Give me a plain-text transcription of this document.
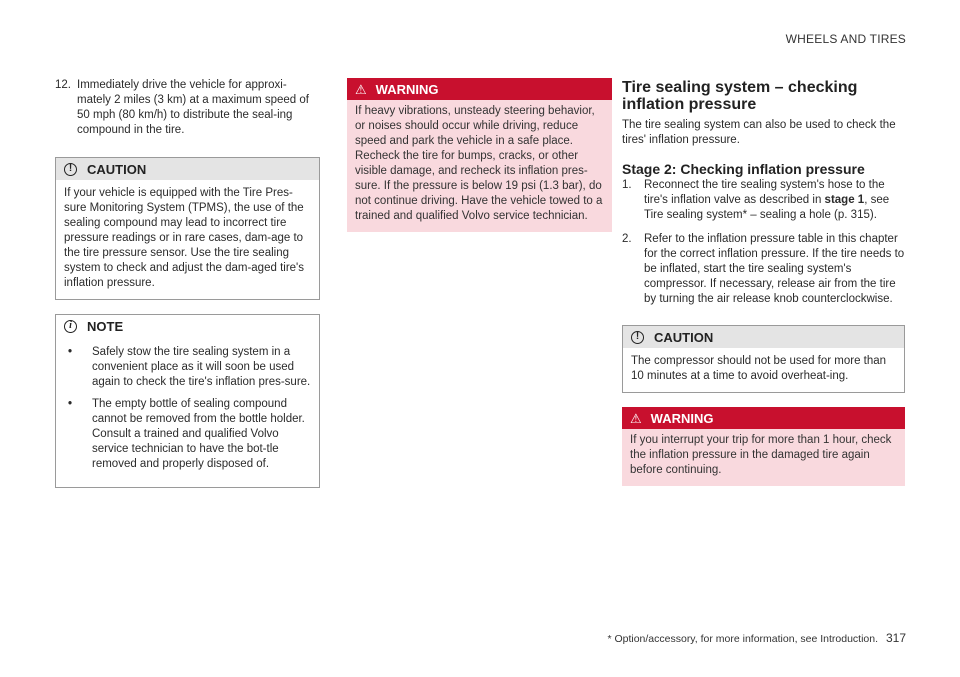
WHEELS AND TIRES
12. Immediately drive the vehicle for approxi-mately 2 miles (3 km) at a maximum speed of 50 mph (80 km/h) to distribute the seal-ing compound in the tire.
!	CAUTION

If your vehicle is equipped with the Tire Pres-sure Monitoring System (TPMS), the use of the sealing compound may lead to incorrect tire pressure readings or in rare cases, dam-age to the tire pressure sensor. Use the tire sealing system to check and adjust the dam-aged tire's inflation pressure.

i	NOTE
•	Safely stow the tire sealing system in a convenient place as it will soon be used again to check the tire's inflation pres-sure.
•	The empty bottle of sealing compound cannot be removed from the bottle holder. Consult a trained and qualified Volvo service technician to have the bot-tle removed and properly disposed of.
⚠ WARNING

If heavy vibrations, unsteady steering behavior, or noises should occur while driving, reduce speed and park the vehicle in a safe place. Recheck the tire for bumps, cracks, or other visible damage, and recheck its inflation pres-sure. If the pressure is below 19 psi (1.3 bar), do not continue driving. Have the vehicle towed to a trained and qualified Volvo service technician.

Tire sealing system – checking inflation pressure

The tire sealing system can also be used to check the tires' inflation pressure.

Stage 2: Checking inflation pressure
1.	Reconnect the tire sealing system's hose to the tire's inflation valve as described in stage 1, see Tire sealing system* – sealing a hole (p. 315).
2.	Refer to the inflation pressure table in this chapter for the correct inflation pressure. If the tire needs to be inflated, start the tire sealing system's compressor. If necessary, release air from the tire by turning the air release knob counterclockwise.
!	CAUTION

The compressor should not be used for more than 10 minutes at a time to avoid overheat-ing.

⚠ WARNING

If you interrupt your trip for more than 1 hour, check the inflation pressure in the damaged tire again before continuing.

* Option/accessory, for more information, see Introduction. 317
